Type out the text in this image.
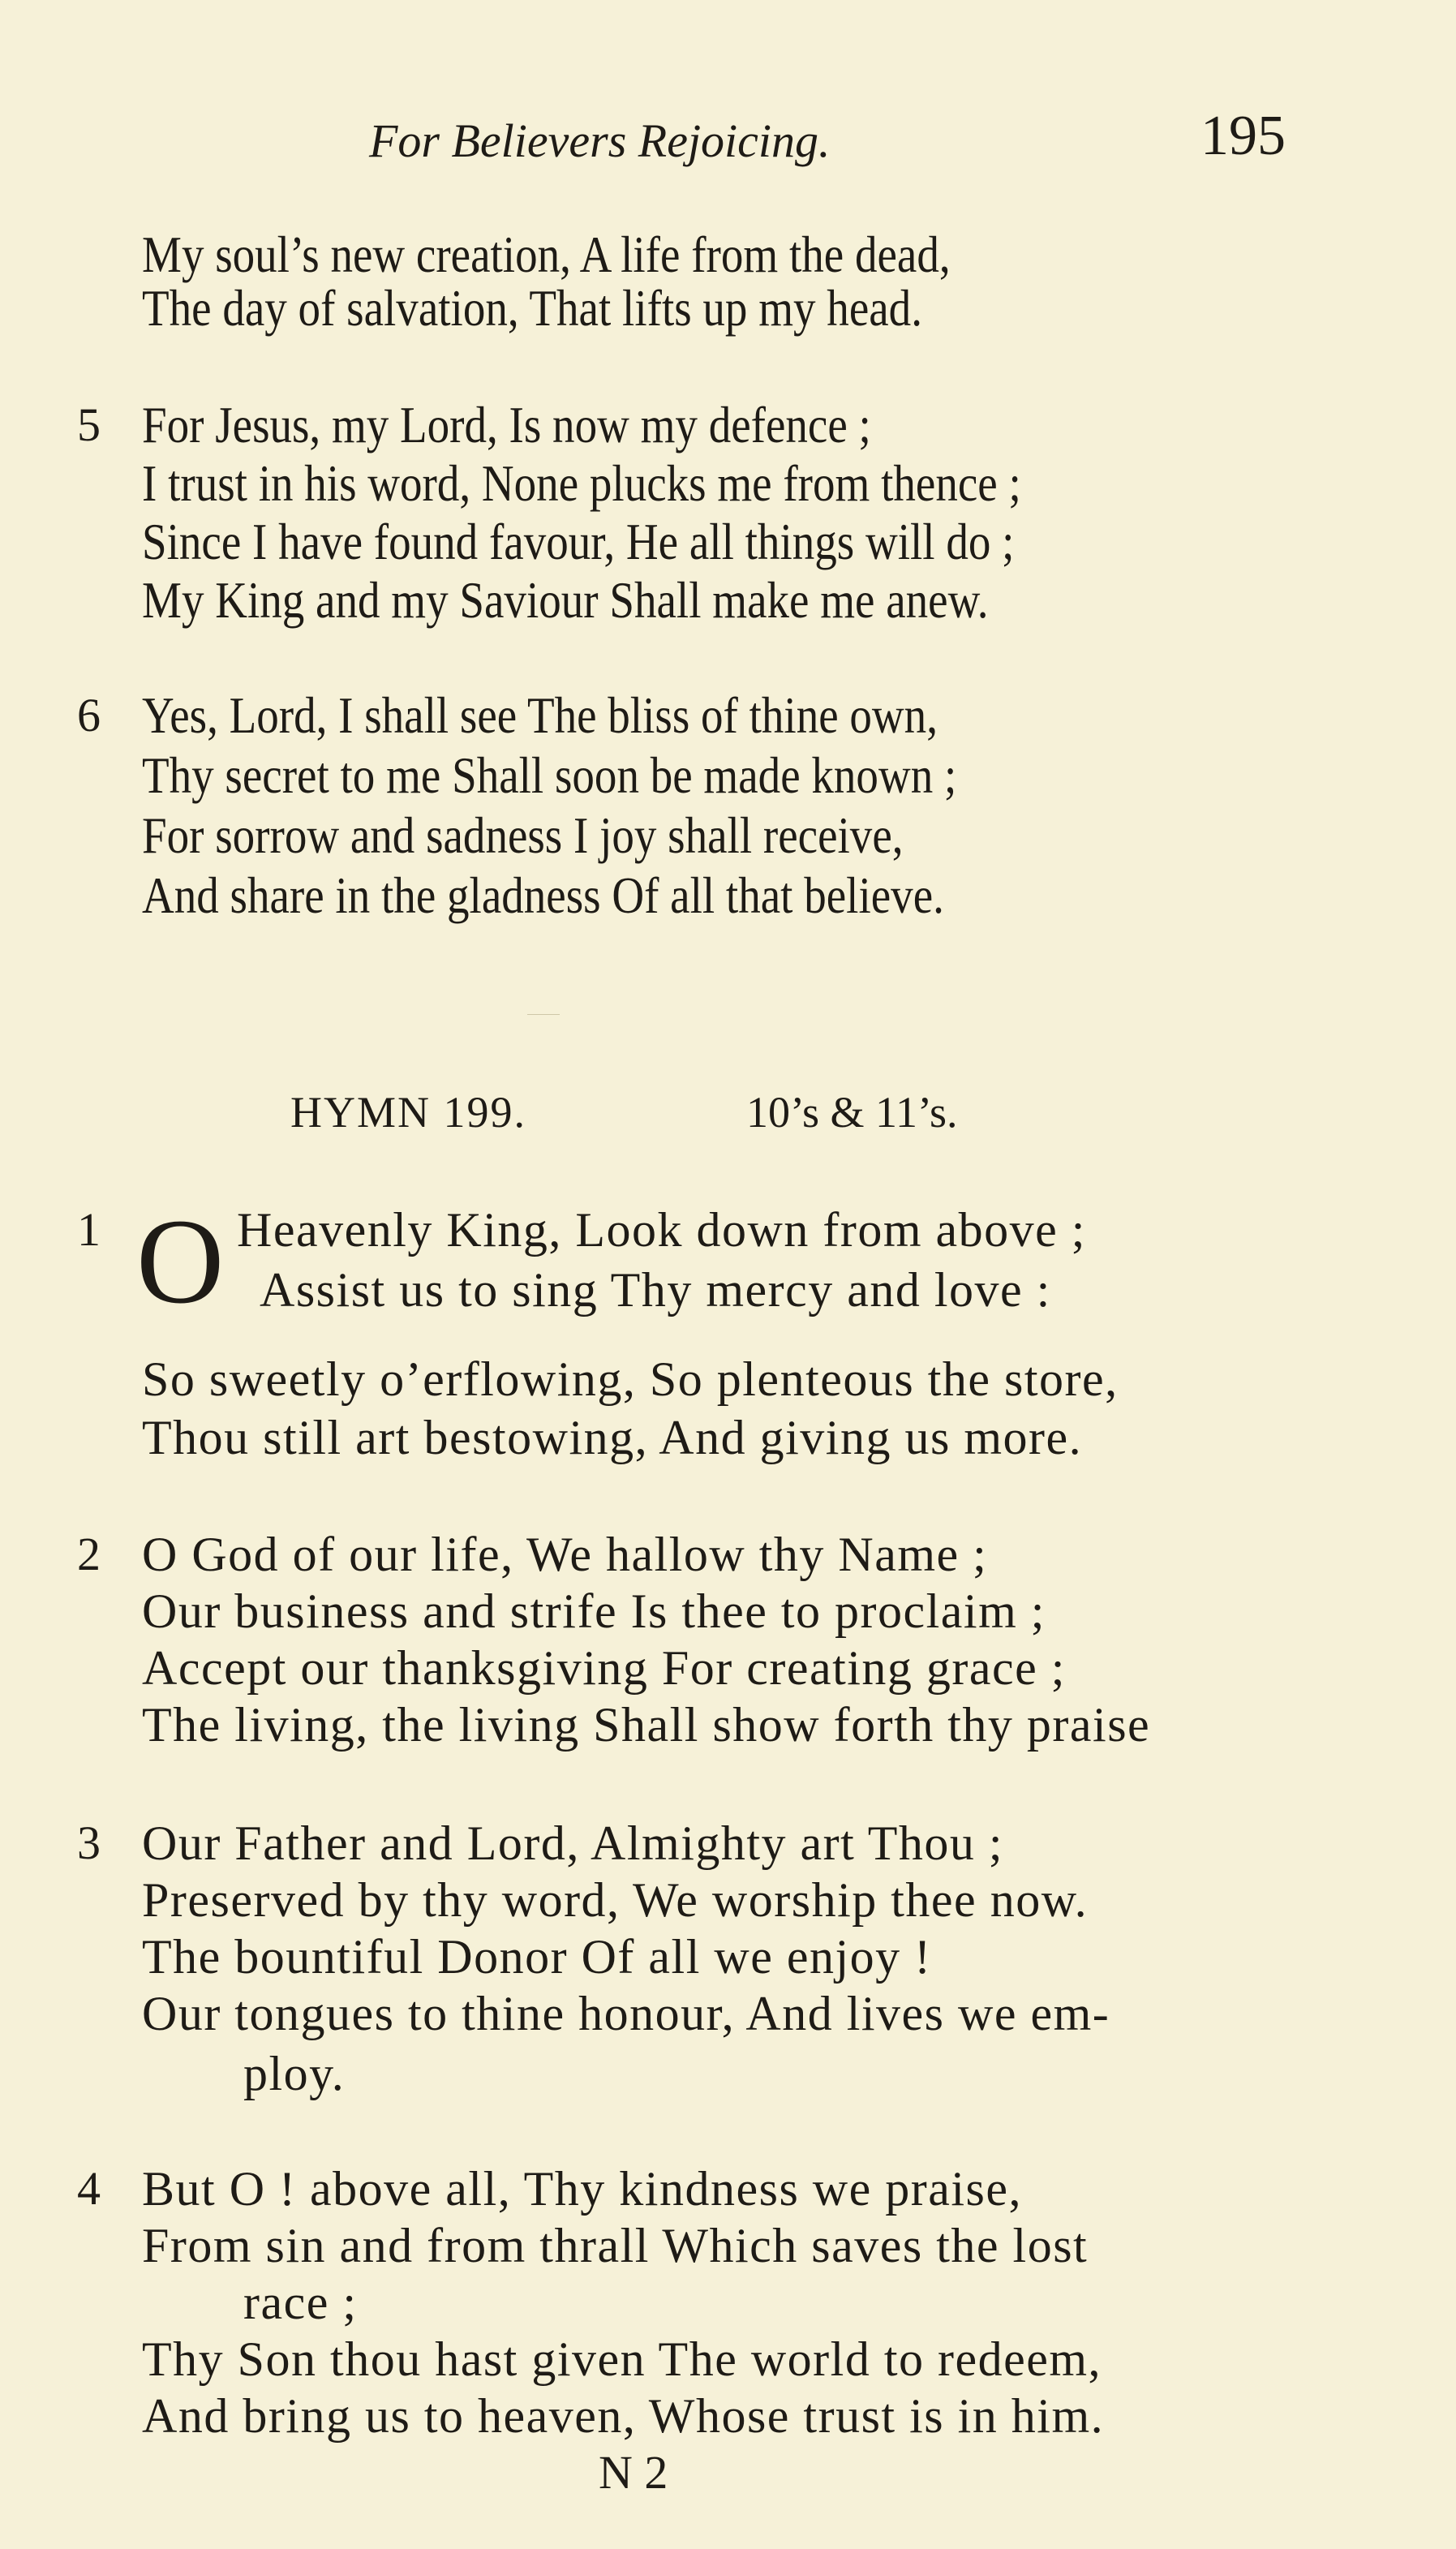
For Believers Rejoicing.	195
My soul’s new creation, A life from the dead,
The day of salvation, That lifts up my head.
5 For Jesus, my Lord, Is now my defence ;
I trust in his word, None plucks me from thence ;
Since I have found favour, He all things will do ;
My King and my Saviour Shall make me anew.
6 Yes, Lord, I shall see The bliss of thine own,
Thy secret to me Shall soon be made known ;
For sorrow and sadness I joy shall receive,
And share in the gladness Of all that believe.
HYMN 199.	10’s & 11’s.
1 O Heavenly King, Look down from above ;
Assist us to sing Thy mercy and love :
So sweetly o’erflowing, So plenteous the store,
Thou still art bestowing, And giving us more.
2 O God of our life, We hallow thy Name ;
Our business and strife Is thee to proclaim ;
Accept our thanksgiving For creating grace ;
The living, the living Shall show forth thy praise
3 Our Father and Lord, Almighty art Thou ;
Preserved by thy word, We worship thee now.
The bountiful Donor Of all we enjoy !
Our tongues to thine honour, And lives we em-
ploy.
4 But O ! above all, Thy kindness we praise,
From sin and from thrall Which saves the lost
race ;
Thy Son thou hast given The world to redeem,
And bring us to heaven, Whose trust is in him.
N 2
